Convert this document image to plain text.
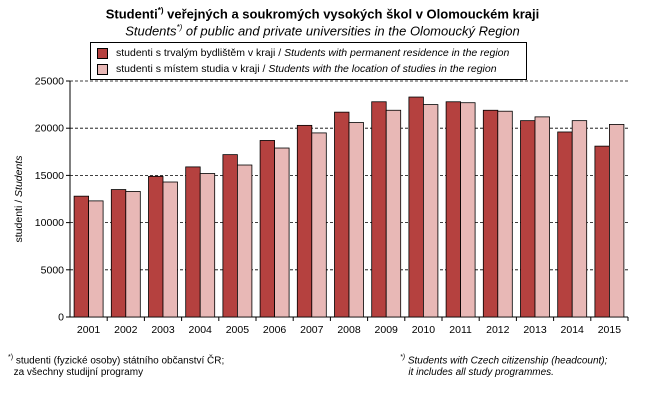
Studenti*) veřejných a soukromých vysokých škol v Olomouckém kraji
Students*) of public and private universities in the Olomoucký Region
studenti s trvalým bydlištěm v kraji / Students with permanent residence in the region
studenti s místem studia v kraji / Students with the location of studies in the region
0
5000
10000
15000
20000
25000
2001 2002 2003 2004 2005 2006 2007 2008 2009 2010 2011 2012 2013 2014 2015
studenti / Students
*) studenti (fyzické osoby) státního občanství ČR;
za všechny studijní programy
*) Students with Czech citizenship (headcount);
it includes all study programmes.
